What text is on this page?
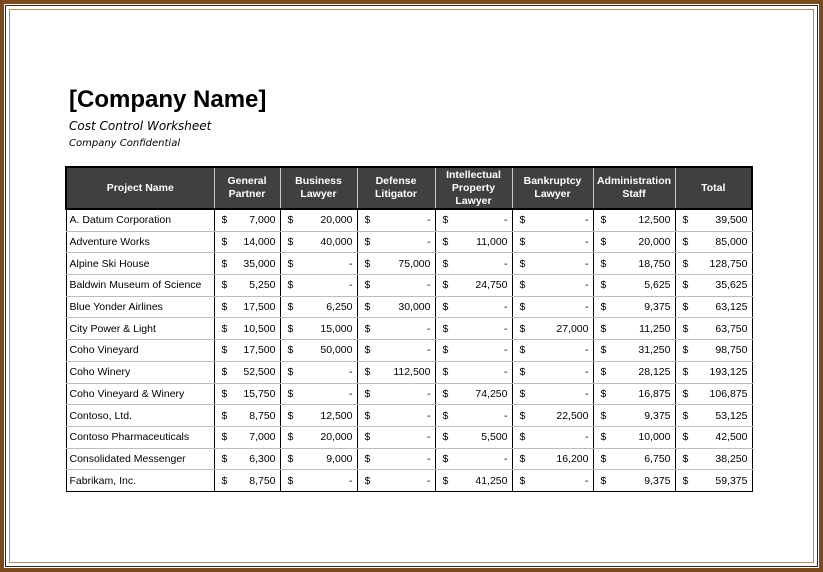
[Company Name]
Cost Control Worksheet
Company Confidential
Project Name	General Partner	Business Lawyer	Defense Litigator	Intellectual Property Lawyer	Bankruptcy Lawyer	Administration Staff	Total
A. Datum Corporation	$ 7,000	$ 20,000	$ -	$ -	$ -	$ 12,500	$ 39,500

Adventure Works	$ 14,000	$ 40,000	$ -	$ 11,000	$ -	$ 20,000	$ 85,000

Alpine Ski House	$ 35,000	$ -	$ 75,000	$ -	$ -	$ 18,750	$ 128,750

Baldwin Museum of Science	$ 5,250	$ -	$ -	$ 24,750	$ -	$ 5,625	$ 35,625

Blue Yonder Airlines	$ 17,500	$ 6,250	$ 30,000	$ -	$ -	$ 9,375	$ 63,125

City Power & Light	$ 10,500	$ 15,000	$ -	$ -	$ 27,000	$ 11,250	$ 63,750

Coho Vineyard	$ 17,500	$ 50,000	$ -	$ -	$ -	$ 31,250	$ 98,750

Coho Winery	$ 52,500	$ -	$ 112,500	$ -	$ -	$ 28,125	$ 193,125

Coho Vineyard & Winery	$ 15,750	$ -	$ -	$ 74,250	$ -	$ 16,875	$ 106,875

Contoso, Ltd.	$ 8,750	$ 12,500	$ -	$ -	$ 22,500	$ 9,375	$ 53,125

Contoso Pharmaceuticals	$ 7,000	$ 20,000	$ -	$ 5,500	$ -	$ 10,000	$ 42,500

Consolidated Messenger	$ 6,300	$ 9,000	$ -	$ -	$ 16,200	$ 6,750	$ 38,250

Fabrikam, Inc.	$ 8,750	$ -	$ -	$ 41,250	$ -	$ 9,375	$ 59,375
